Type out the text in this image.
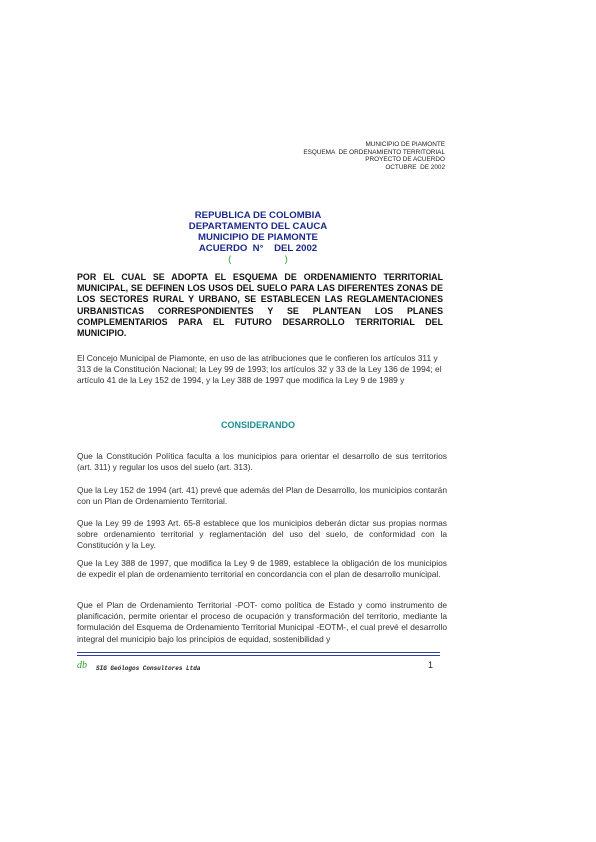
MUNICIPIO DE PIAMONTE
ESQUEMA  DE ORDENAMIENTO TERRITORIAL
PROYECTO DE ACUERDO
OCTUBRE  DE 2002
REPUBLICA DE COLOMBIA
DEPARTAMENTO DEL CAUCA
MUNICIPIO DE PIAMONTE
ACUERDO  N°    DEL 2002
(                    )
POR EL CUAL SE ADOPTA EL ESQUEMA DE ORDENAMIENTO TERRITORIAL MUNICIPAL, SE DEFINEN LOS USOS DEL SUELO PARA LAS DIFERENTES ZONAS DE LOS SECTORES RURAL Y URBANO, SE ESTABLECEN LAS REGLAMENTACIONES URBANISTICAS CORRESPONDIENTES Y SE PLANTEAN LOS PLANES COMPLEMENTARIOS PARA EL FUTURO DESARROLLO TERRITORIAL DEL MUNICIPIO.
El Concejo Municipal de Piamonte, en uso de las atribuciones que le confieren los artículos 311 y 313 de la Constitución Nacional; la Ley 99 de 1993; los artículos 32 y 33 de la Ley 136 de 1994; el artículo 41 de la Ley 152 de 1994, y la Ley 388 de 1997 que modifica la Ley 9 de 1989 y
CONSIDERANDO
Que la Constitución Política faculta a los municipios para orientar el desarrollo de sus territorios (art. 311) y regular los usos del suelo (art. 313).
Que la Ley 152 de 1994 (art. 41) prevé que además del Plan de Desarrollo, los municipios contarán con un Plan de Ordenamiento Territorial.
Que la Ley 99 de 1993 Art. 65-8 establece que los municipios deberán dictar sus propias normas sobre ordenamiento territorial y reglamentación del uso del suelo, de conformidad con la Constitución y la Ley.
Que la Ley 388 de 1997, que modifica la Ley 9 de 1989, establece la obligación de los municipios de expedir el plan de ordenamiento territorial en concordancia con el plan de desarrollo municipal.
Que el Plan de Ordenamiento Territorial -POT- como política de Estado y como instrumento de planificación, permite orientar el proceso de ocupación y transformación del territorio, mediante la formulación del Esquema de Ordenamiento Territorial Municipal -EOTM-, el cual prevé el desarrollo integral del municipio bajo los principios de equidad, sostenibilidad y
db SIG Geólogos Consultores Ltda	1
